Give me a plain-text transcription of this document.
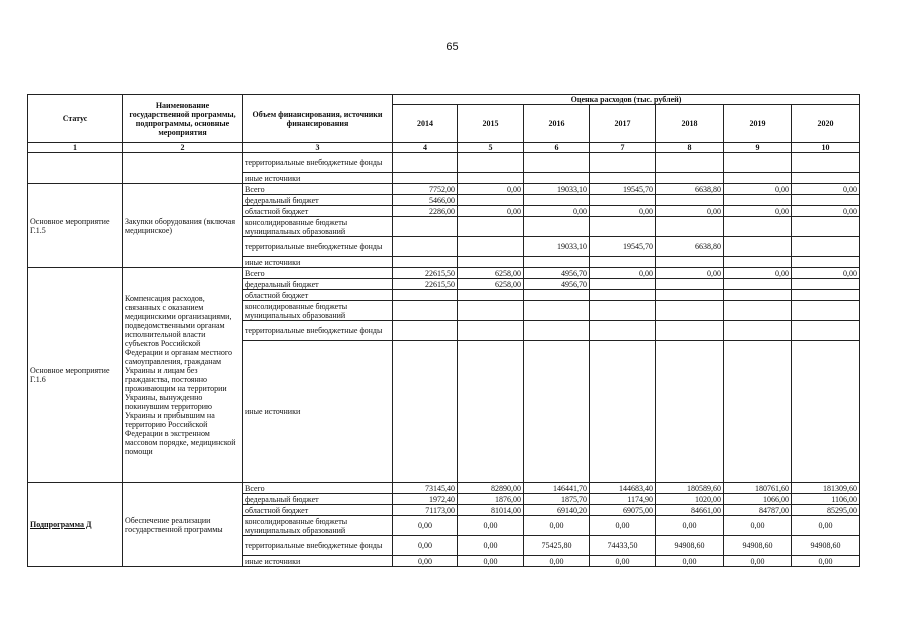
65
Статус	Наименование государственной программы, подпрограммы, основные мероприятия	Объем финансирования, источники финансирования	Оценка расходов (тыс. рублей)						
			2014	2015	2016	2017	2018	2019	2020
1	2	3	4	5	6	7	8	9	10
		территориальные внебюджетные фонды							
		иные источники							
Основное мероприятие Г.1.5	Закупки оборудования (включая медицинское)	Всего	7752,00	0,00	19033,10	19545,70	6638,80	0,00	0,00
		федеральный бюджет	5466,00						
		областной бюджет	2286,00	0,00	0,00	0,00	0,00	0,00	0,00
		консолидированные бюджеты муниципальных образований							
		территориальные внебюджетные фонды			19033,10	19545,70	6638,80		
		иные источники							
Основное мероприятие Г.1.6	Компенсация расходов, связанных с оказанием медицинскими организациями, подведомственными органам исполнительной власти субъектов Российской Федерации и органам местного самоуправления, гражданам Украины и лицам без гражданства, постоянно проживающим на территории Украины, вынужденно покинувшим территорию Украины и прибывшим на территорию Российской Федерации в экстренном массовом порядке, медицинской помощи	Всего	22615,50	6258,00	4956,70	0,00	0,00	0,00	0,00
		федеральный бюджет	22615,50	6258,00	4956,70				
		областной бюджет							
		консолидированные бюджеты муниципальных образований							
		территориальные внебюджетные фонды							
		иные источники							
Подпрограмма Д	Обеспечение реализации государственной программы	Всего	73145,40	82890,00	146441,70	144683,40	180589,60	180761,60	181309,60
		федеральный бюджет	1972,40	1876,00	1875,70	1174,90	1020,00	1066,00	1106,00
		областной бюджет	71173,00	81014,00	69140,20	69075,00	84661,00	84787,00	85295,00
		консолидированные бюджеты муниципальных образований	0,00	0,00	0,00	0,00	0,00	0,00	0,00
		территориальные внебюджетные фонды	0,00	0,00	75425,80	74433,50	94908,60	94908,60	94908,60
		иные источники	0,00	0,00	0,00	0,00	0,00	0,00	0,00
